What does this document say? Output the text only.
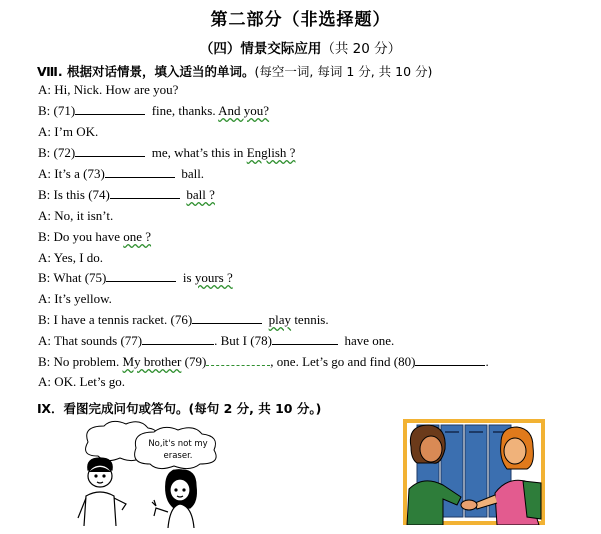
第二部分（非选择题）
（四）情景交际应用（共 20 分）
Ⅷ. 根据对话情景，填入适当的单词。(每空一词, 每词 1 分, 共 10 分)
A: Hi, Nick. How are you?
B: (71)	fine, thanks. And you?
A: I’m OK.
B: (72)	me, what’s this in English ?
A: It’s a (73)	ball.
B: Is this (74)	ball ?
A: No, it isn’t.
B: Do you have one ?
A: Yes, I do.
B: What (75)	is yours ?
A: It’s yellow.
B: I have a tennis racket. (76)	play tennis.
A: That sounds (77)	. But I (78)	have one.
B: No problem. My brother (79)	, one. Let’s go and find (80)	.
A: OK. Let’s go.
Ⅸ．看图完成问句或答句。(每句 2 分, 共 10 分。)
No,it's not my eraser.
